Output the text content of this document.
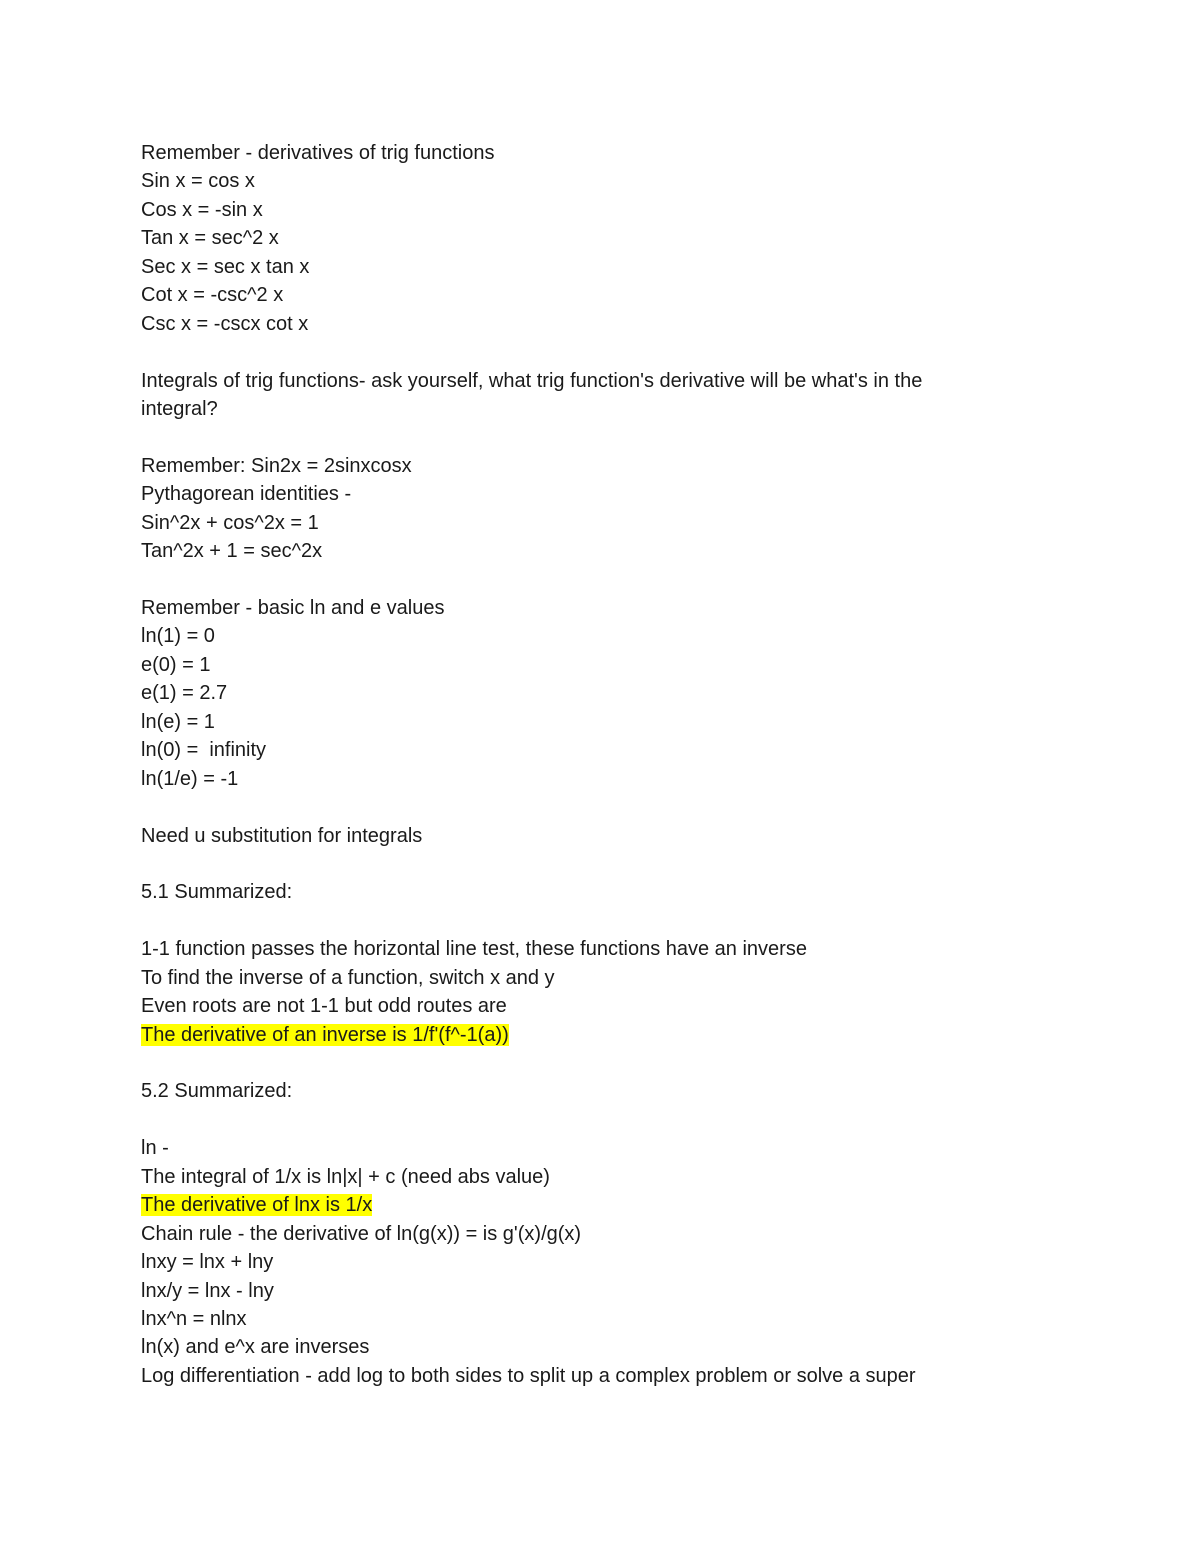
Remember - derivatives of trig functions
Sin x = cos x
Cos x = -sin x
Tan x = sec^2 x
Sec x = sec x tan x
Cot x = -csc^2 x
Csc x = -cscx cot x
Integrals of trig functions- ask yourself, what trig function's derivative will be what's in the
integral?
Remember: Sin2x = 2sinxcosx
Pythagorean identities -
Sin^2x + cos^2x = 1
Tan^2x + 1 = sec^2x
Remember - basic ln and e values
ln(1) = 0
e(0) = 1
e(1) = 2.7
ln(e) = 1
ln(0) =  infinity
ln(1/e) = -1
Need u substitution for integrals
5.1 Summarized:
1-1 function passes the horizontal line test, these functions have an inverse
To find the inverse of a function, switch x and y
Even roots are not 1-1 but odd routes are
The derivative of an inverse is 1/f'(f^-1(a))
5.2 Summarized:
ln -
The integral of 1/x is ln|x| + c (need abs value)
The derivative of lnx is 1/x
Chain rule - the derivative of ln(g(x)) = is g'(x)/g(x)
lnxy = lnx + lny
lnx/y = lnx - lny
lnx^n = nlnx
ln(x) and e^x are inverses
Log differentiation - add log to both sides to split up a complex problem or solve a super
